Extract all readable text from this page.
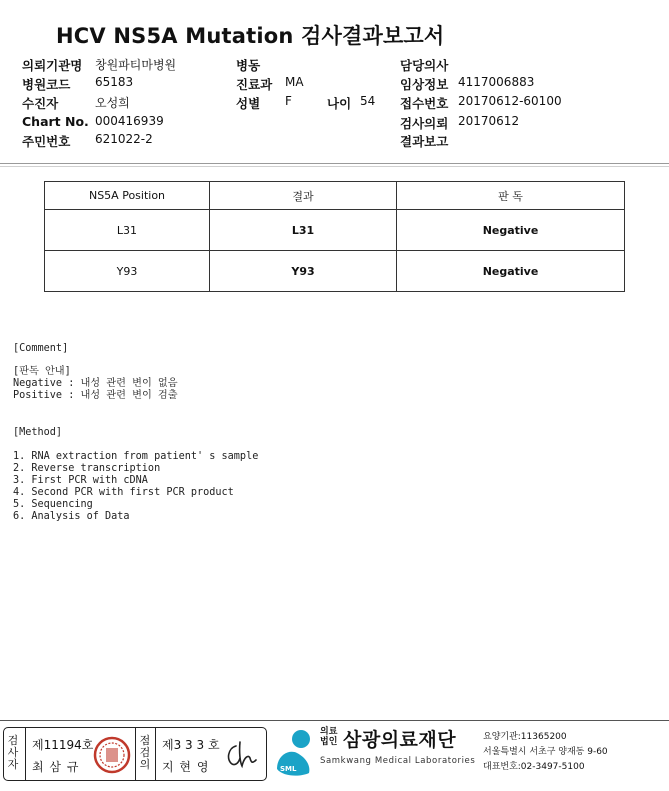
HCV NS5A Mutation 검사결과보고서
의뢰기관명 창원파티마병원
병원코드 65183
수진자	오성희
Chart No. 000416939
주민번호 621022-2
병동
진료과 MA
성별 F	나이 54
담당의사
임상정보 4117006883
접수번호 20170612-60100
검사의뢰 20170612
결과보고
NS5A Position	결과	판 독
L31	L31	Negative
Y93	Y93	Negative
[Comment]
[판독 안내]
Negative : 내성 관련 변이 없음
Positive : 내성 관련 변이 검출
[Method]
1. RNA extraction from patient' s sample
2. Reverse transcription
3. First PCR with cDNA
4. Second PCR with first PCR product
5. Sequencing
6. Analysis of Data
검사자
제11194호
최 삼 규
점검의
제3 3 3 호
지 현 영	SML
의료법인 삼광의료재단
Samkwang Medical Laboratories
요양기관:11365200
서울특별시 서초구 양재동 9-60
대표번호:02-3497-5100
